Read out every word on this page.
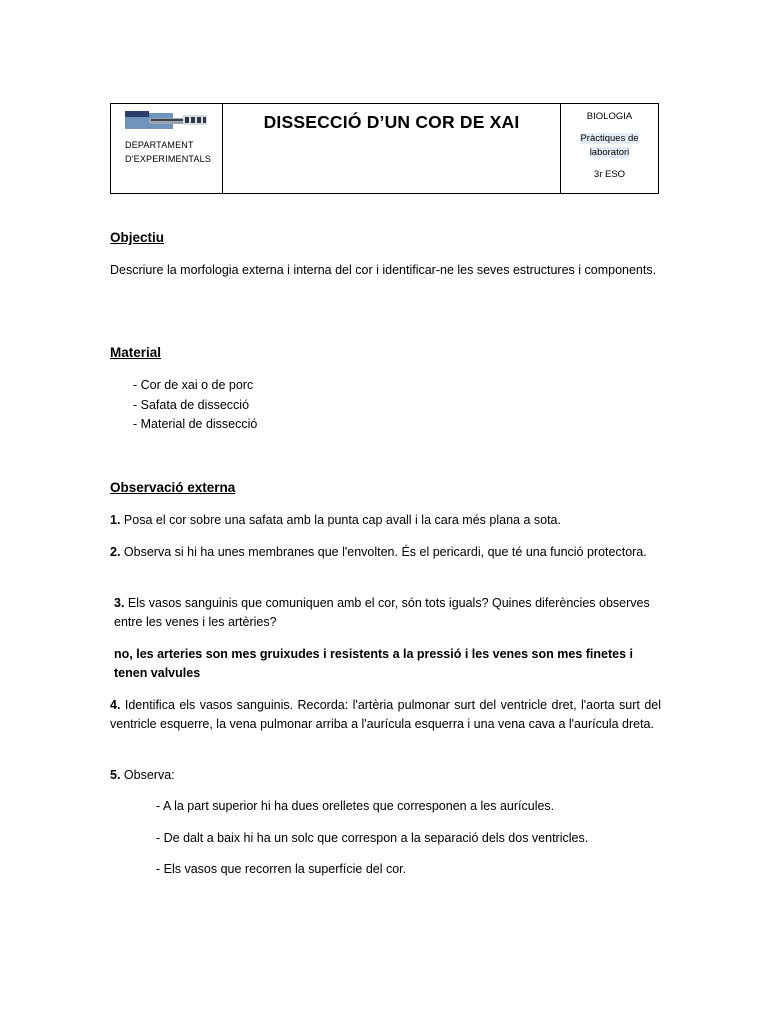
DEPARTAMENT
D'EXPERIMENTALS
DISSECCIÓ D’UN COR DE XAI	BIOLOGIA
Pràctiques de
laboratori
3r ESO
Objectiu
Descriure la morfologia externa i interna del cor i identificar-ne les seves estructures i components.
Material
- Cor de xai o de porc
- Safata de dissecció
- Material de dissecció
Observació externa
1. Posa el cor sobre una safata amb la punta cap avall i la cara més plana a sota.
2. Observa si hi ha unes membranes que l'envolten. És el pericardi, que té una funció protectora.
3. Els vasos sanguinis que comuniquen amb el cor, són tots iguals? Quines diferències observes entre les venes i les artèries?
no, les arteries son mes gruixudes i resistents a la pressió i les venes son mes finetes i tenen valvules
4. Identifica els vasos sanguinis. Recorda: l'artèria pulmonar surt del ventricle dret, l'aorta surt del ventricle esquerre, la vena pulmonar arriba a l'aurícula esquerra i una vena cava a l'aurícula dreta.
5. Observa:
- A la part superior hi ha dues orelletes que corresponen a les aurícules.
- De dalt a baix hi ha un solc que correspon a la separació dels dos ventricles.
- Els vasos que recorren la superfície del cor.
